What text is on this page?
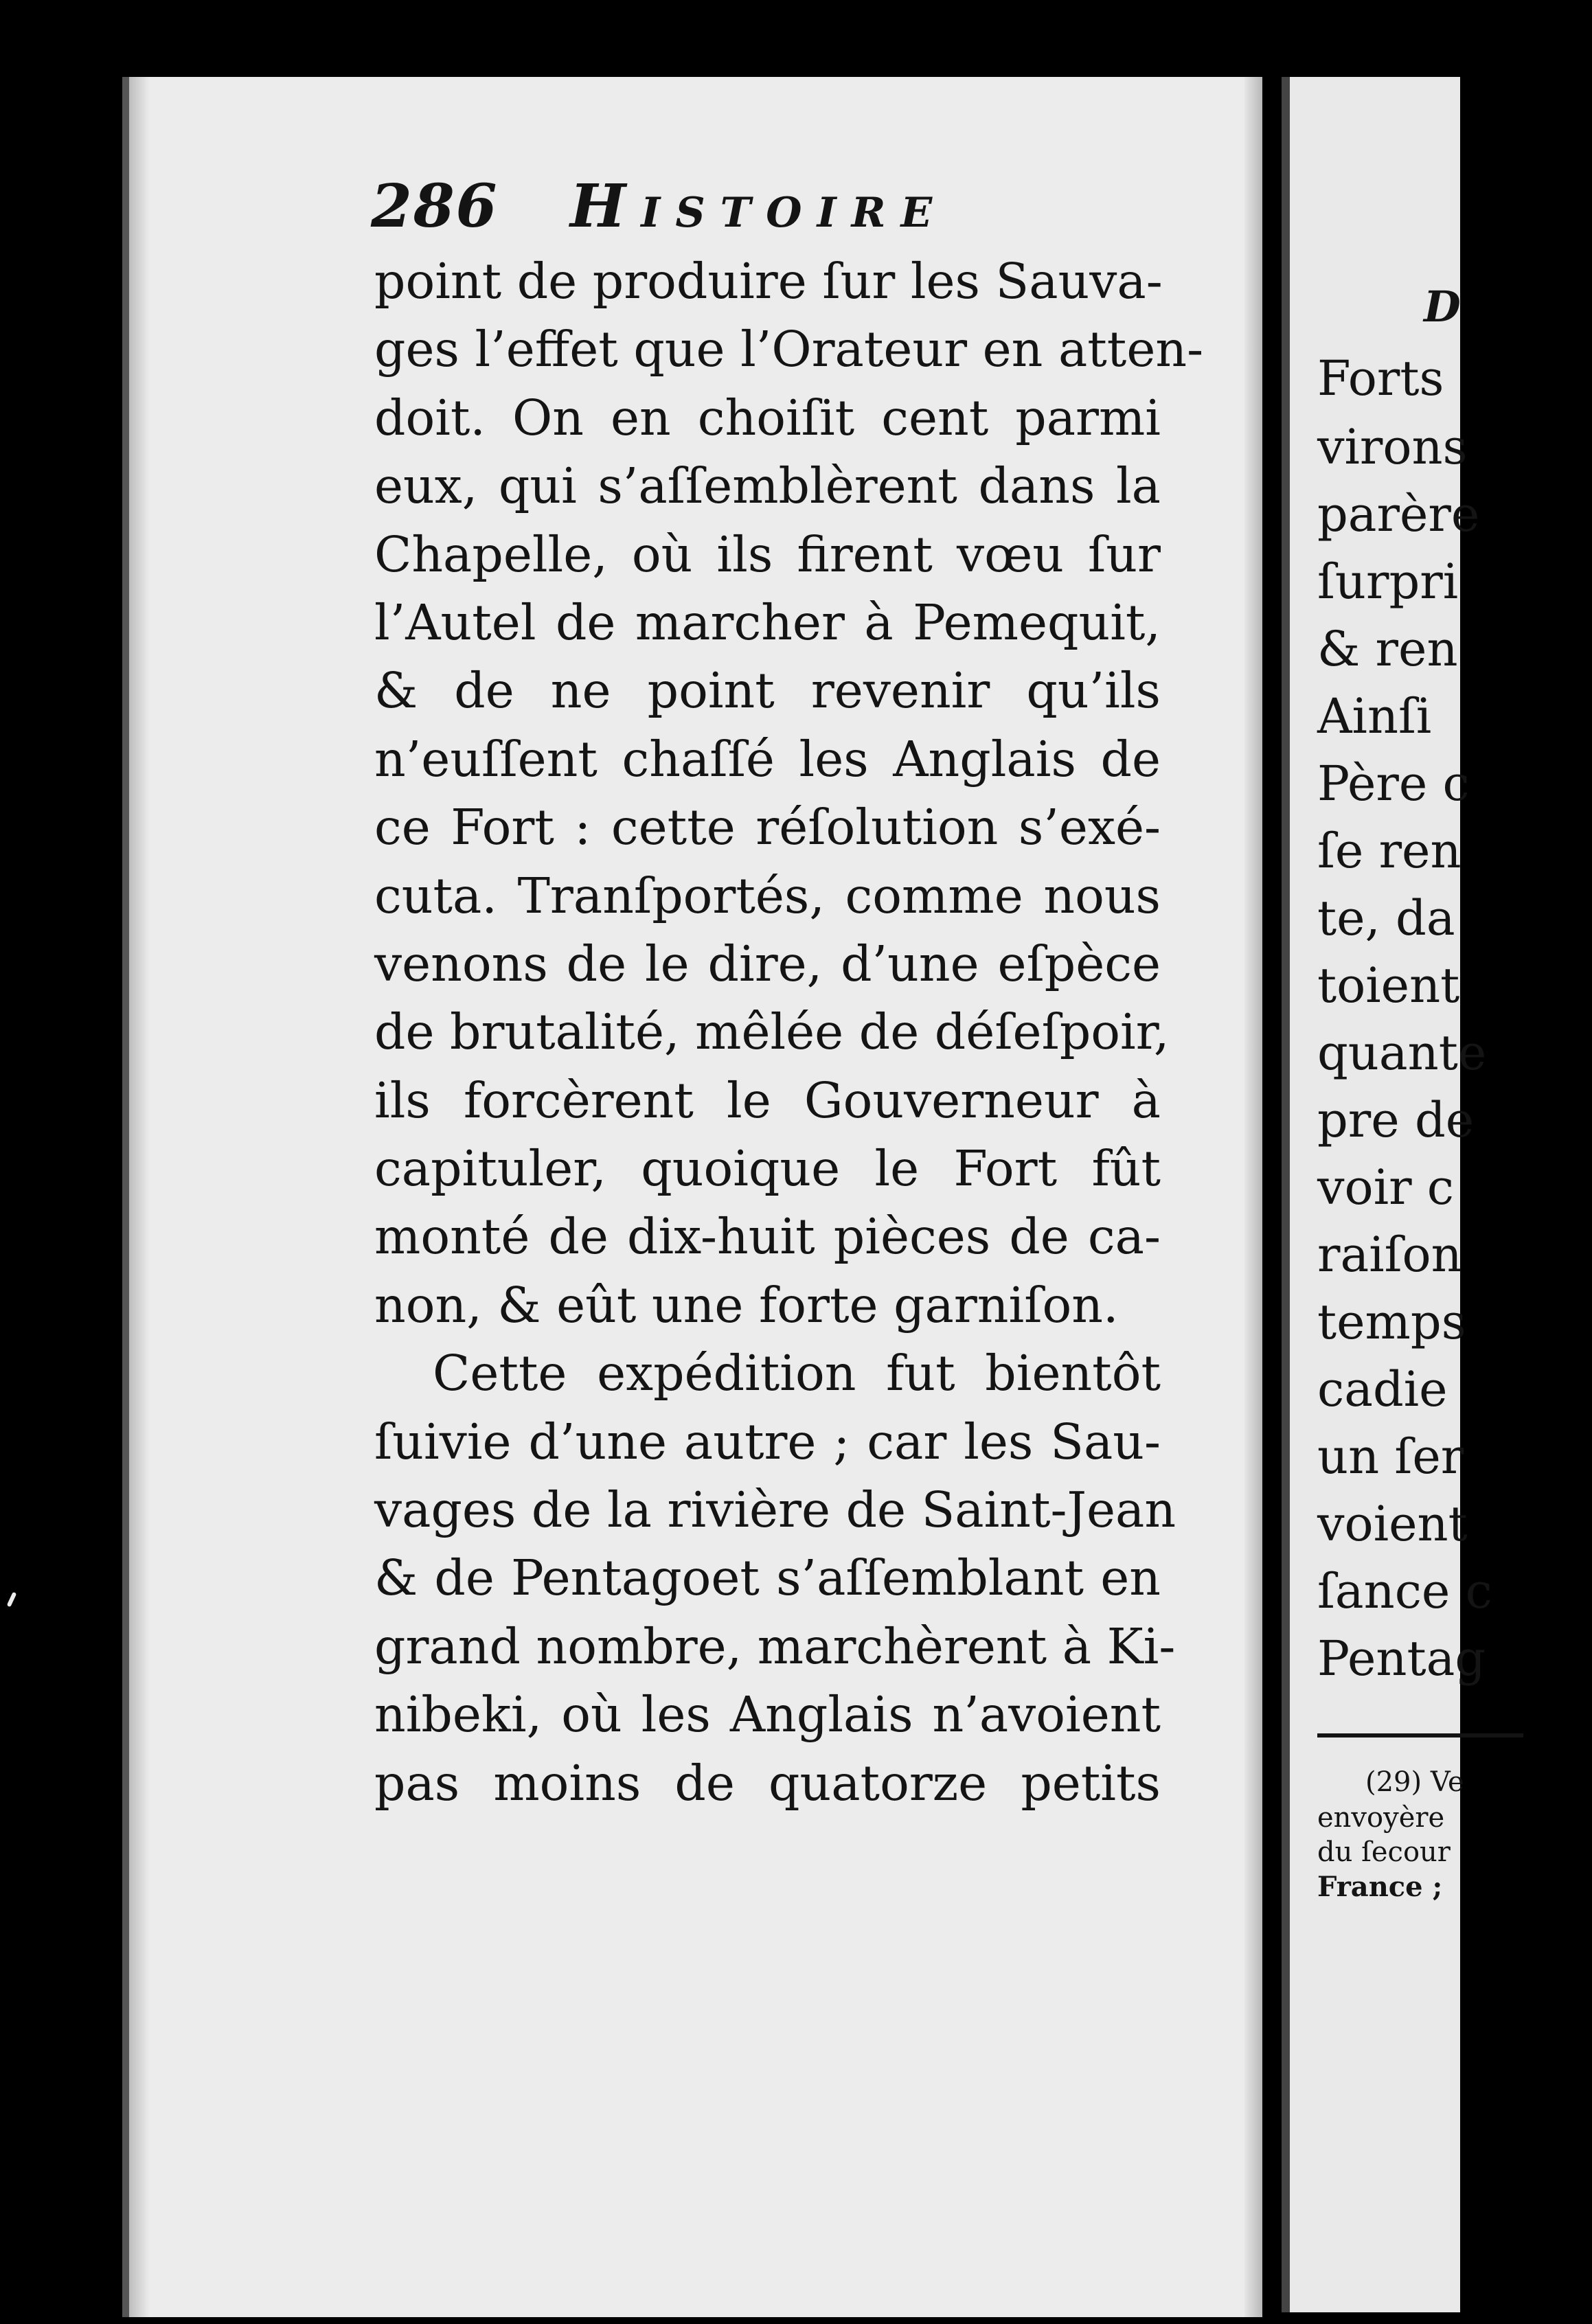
286 Histoire
point de produire ſur les Sauva-
ges l’effet que l’Orateur en atten-
doit. On en choiſit cent parmi
eux, qui s’aſſemblèrent dans la
Chapelle, où ils firent vœu ſur
l’Autel de marcher à Pemequit,
& de ne point revenir qu’ils
n’euſſent chaſſé les Anglais de
ce Fort : cette réſolution s’exé-
cuta. Tranſportés, comme nous
venons de le dire, d’une eſpèce
de brutalité, mêlée de déſeſpoir,
ils forcèrent le Gouverneur à
capituler, quoique le Fort fût
monté de dix-huit pièces de ca-
non, & eût une forte garniſon.
Cette expédition fut bientôt
ſuivie d’une autre ; car les Sau-
vages de la rivière de Saint-Jean
& de Pentagoet s’aſſemblant en
grand nombre, marchèrent à Ki-
nibeki, où les Anglais n’avoient
pas moins de quatorze petits
D
Forts
virons
parère
ſurpri
& ren
Ainſi
Père c
ſe ren
te, da
toient
quante
pre de
voir c
raiſon
temps
cadie
un ſer
voient
ſance c
Pentag
(29) Ve
envoyère
du ſecour
France ;
